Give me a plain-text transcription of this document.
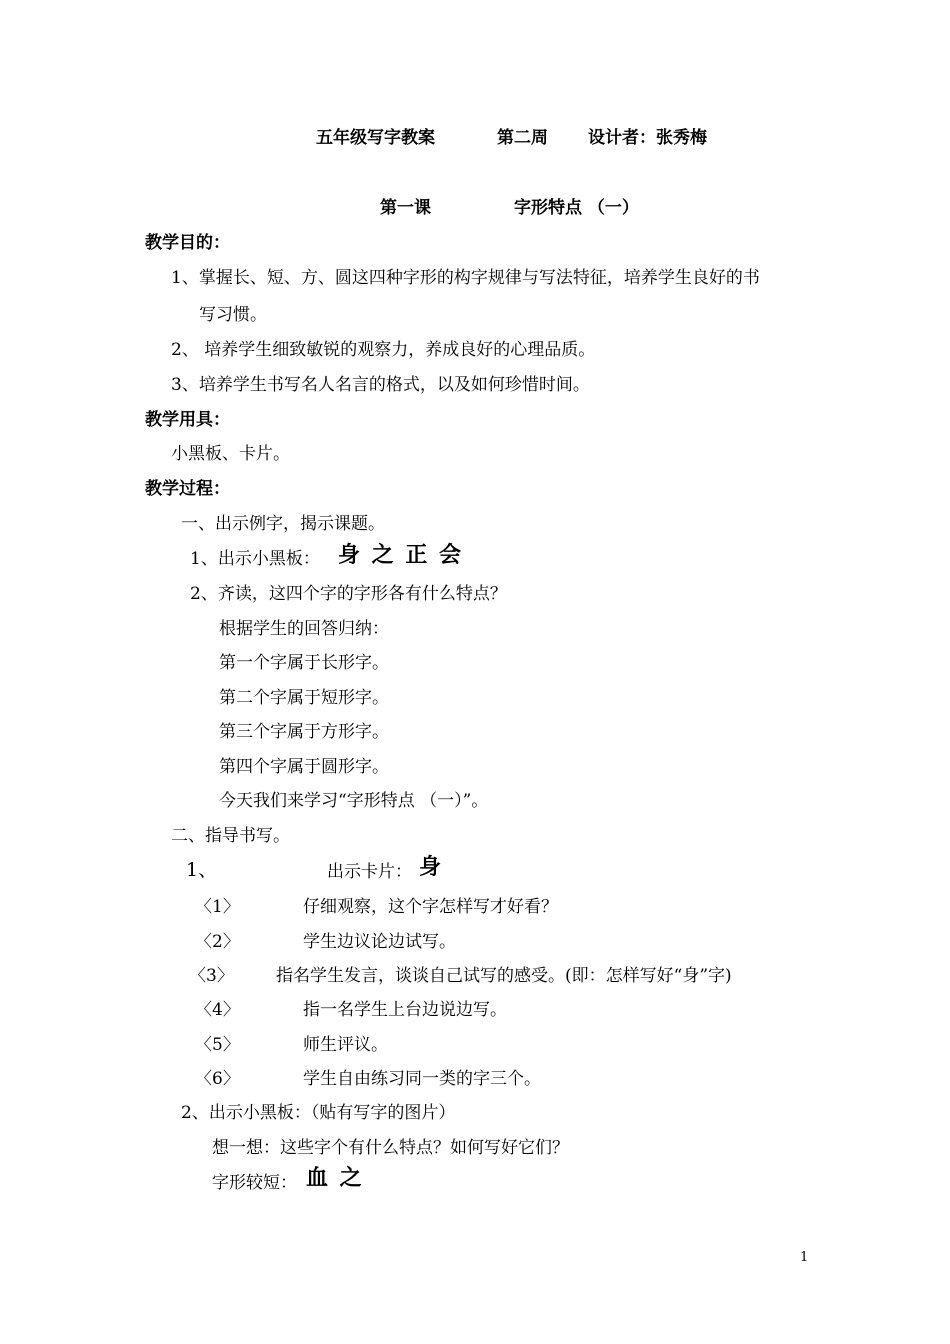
五年级写字教案	第二周 设计者：张秀梅
第一课	字形特点 （一）
教学目的：
1、掌握长、短、方、圆这四种字形的构字规律与写法特征，培养学生良好的书
写习惯。
2、 培养学生细致敏锐的观察力，养成良好的心理品质。
3、培养学生书写名人名言的格式，以及如何珍惜时间。
教学用具：
小黑板、卡片。
教学过程：
一、出示例字，揭示课题。
1、出示小黑板： 身 之 正 会
2、齐读，这四个字的字形各有什么特点？
根据学生的回答归纳：
第一个字属于长形字。
第二个字属于短形字。
第三个字属于方形字。
第四个字属于圆形字。
今天我们来学习“字形特点 （一）”。
二、指导书写。
1、	出示卡片： 身
〈1〉	仔细观察，这个字怎样写才好看？
〈2〉	学生边议论边试写。
〈3〉 指名学生发言，谈谈自己试写的感受。(即：怎样写好“身”字)
〈4〉	指一名学生上台边说边写。
〈5〉	师生评议。
〈6〉	学生自由练习同一类的字三个。
2、出示小黑板：（贴有写字的图片）
想一想：这些字个有什么特点？如何写好它们？
字形较短： 血 之
1
